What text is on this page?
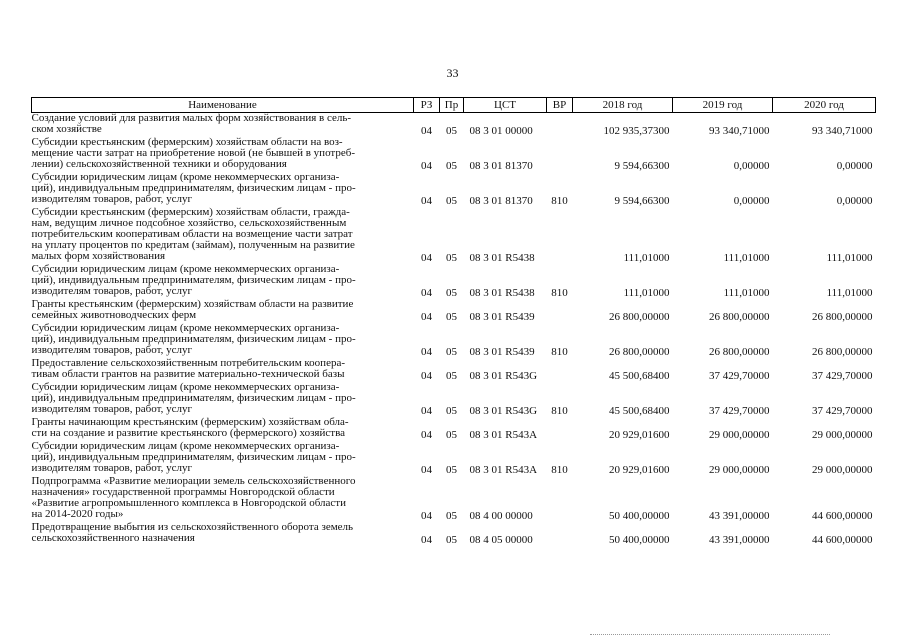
33
Наименование	РЗ	Пр	ЦСТ	ВР	2018 год	2019 год	2020 год
Создание условий для развития малых форм хозяйствования в сель-
ском хозяйстве	04	05	08 3 01 00000		102 935,37300	93 340,71000	93 340,71000
Субсидии крестьянским (фермерским) хозяйствам области на воз-
мещение части затрат на приобретение новой (не бывшей в употреб-
лении) сельскохозяйственной техники и оборудования	04	05	08 3 01 81370		9 594,66300	0,00000	0,00000
Субсидии юридическим лицам (кроме некоммерческих организа-
ций), индивидуальным предпринимателям, физическим лицам - про-
изводителям товаров, работ, услуг	04	05	08 3 01 81370	810	9 594,66300	0,00000	0,00000
Субсидии крестьянским (фермерским) хозяйствам области, гражда-
нам, ведущим личное подсобное хозяйство, сельскохозяйственным
потребительским кооперативам области на возмещение части затрат
на уплату процентов по кредитам (займам), полученным на развитие
малых форм хозяйствования	04	05	08 3 01 R5438		111,01000	111,01000	111,01000
Субсидии юридическим лицам (кроме некоммерческих организа-
ций), индивидуальным предпринимателям, физическим лицам - про-
изводителям товаров, работ, услуг	04	05	08 3 01 R5438	810	111,01000	111,01000	111,01000
Гранты крестьянским (фермерским) хозяйствам области на развитие
семейных животноводческих ферм	04	05	08 3 01 R5439		26 800,00000	26 800,00000	26 800,00000
Субсидии юридическим лицам (кроме некоммерческих организа-
ций), индивидуальным предпринимателям, физическим лицам - про-
изводителям товаров, работ, услуг	04	05	08 3 01 R5439	810	26 800,00000	26 800,00000	26 800,00000
Предоставление сельскохозяйственным потребительским коопера-
тивам области грантов на развитие материально-технической базы	04	05	08 3 01 R543G		45 500,68400	37 429,70000	37 429,70000
Субсидии юридическим лицам (кроме некоммерческих организа-
ций), индивидуальным предпринимателям, физическим лицам - про-
изводителям товаров, работ, услуг	04	05	08 3 01 R543G	810	45 500,68400	37 429,70000	37 429,70000
Гранты начинающим крестьянским (фермерским) хозяйствам обла-
сти на создание и развитие крестьянского (фермерского) хозяйства	04	05	08 3 01 R543A		20 929,01600	29 000,00000	29 000,00000
Субсидии юридическим лицам (кроме некоммерческих организа-
ций), индивидуальным предпринимателям, физическим лицам - про-
изводителям товаров, работ, услуг	04	05	08 3 01 R543A	810	20 929,01600	29 000,00000	29 000,00000
Подпрограмма «Развитие мелиорации земель сельскохозяйственного
назначения» государственной программы Новгородской области
«Развитие агропромышленного комплекса в Новгородской области
на 2014-2020 годы»	04	05	08 4 00 00000		50 400,00000	43 391,00000	44 600,00000
Предотвращение выбытия из сельскохозяйственного оборота земель
сельскохозяйственного назначения	04	05	08 4 05 00000		50 400,00000	43 391,00000	44 600,00000
